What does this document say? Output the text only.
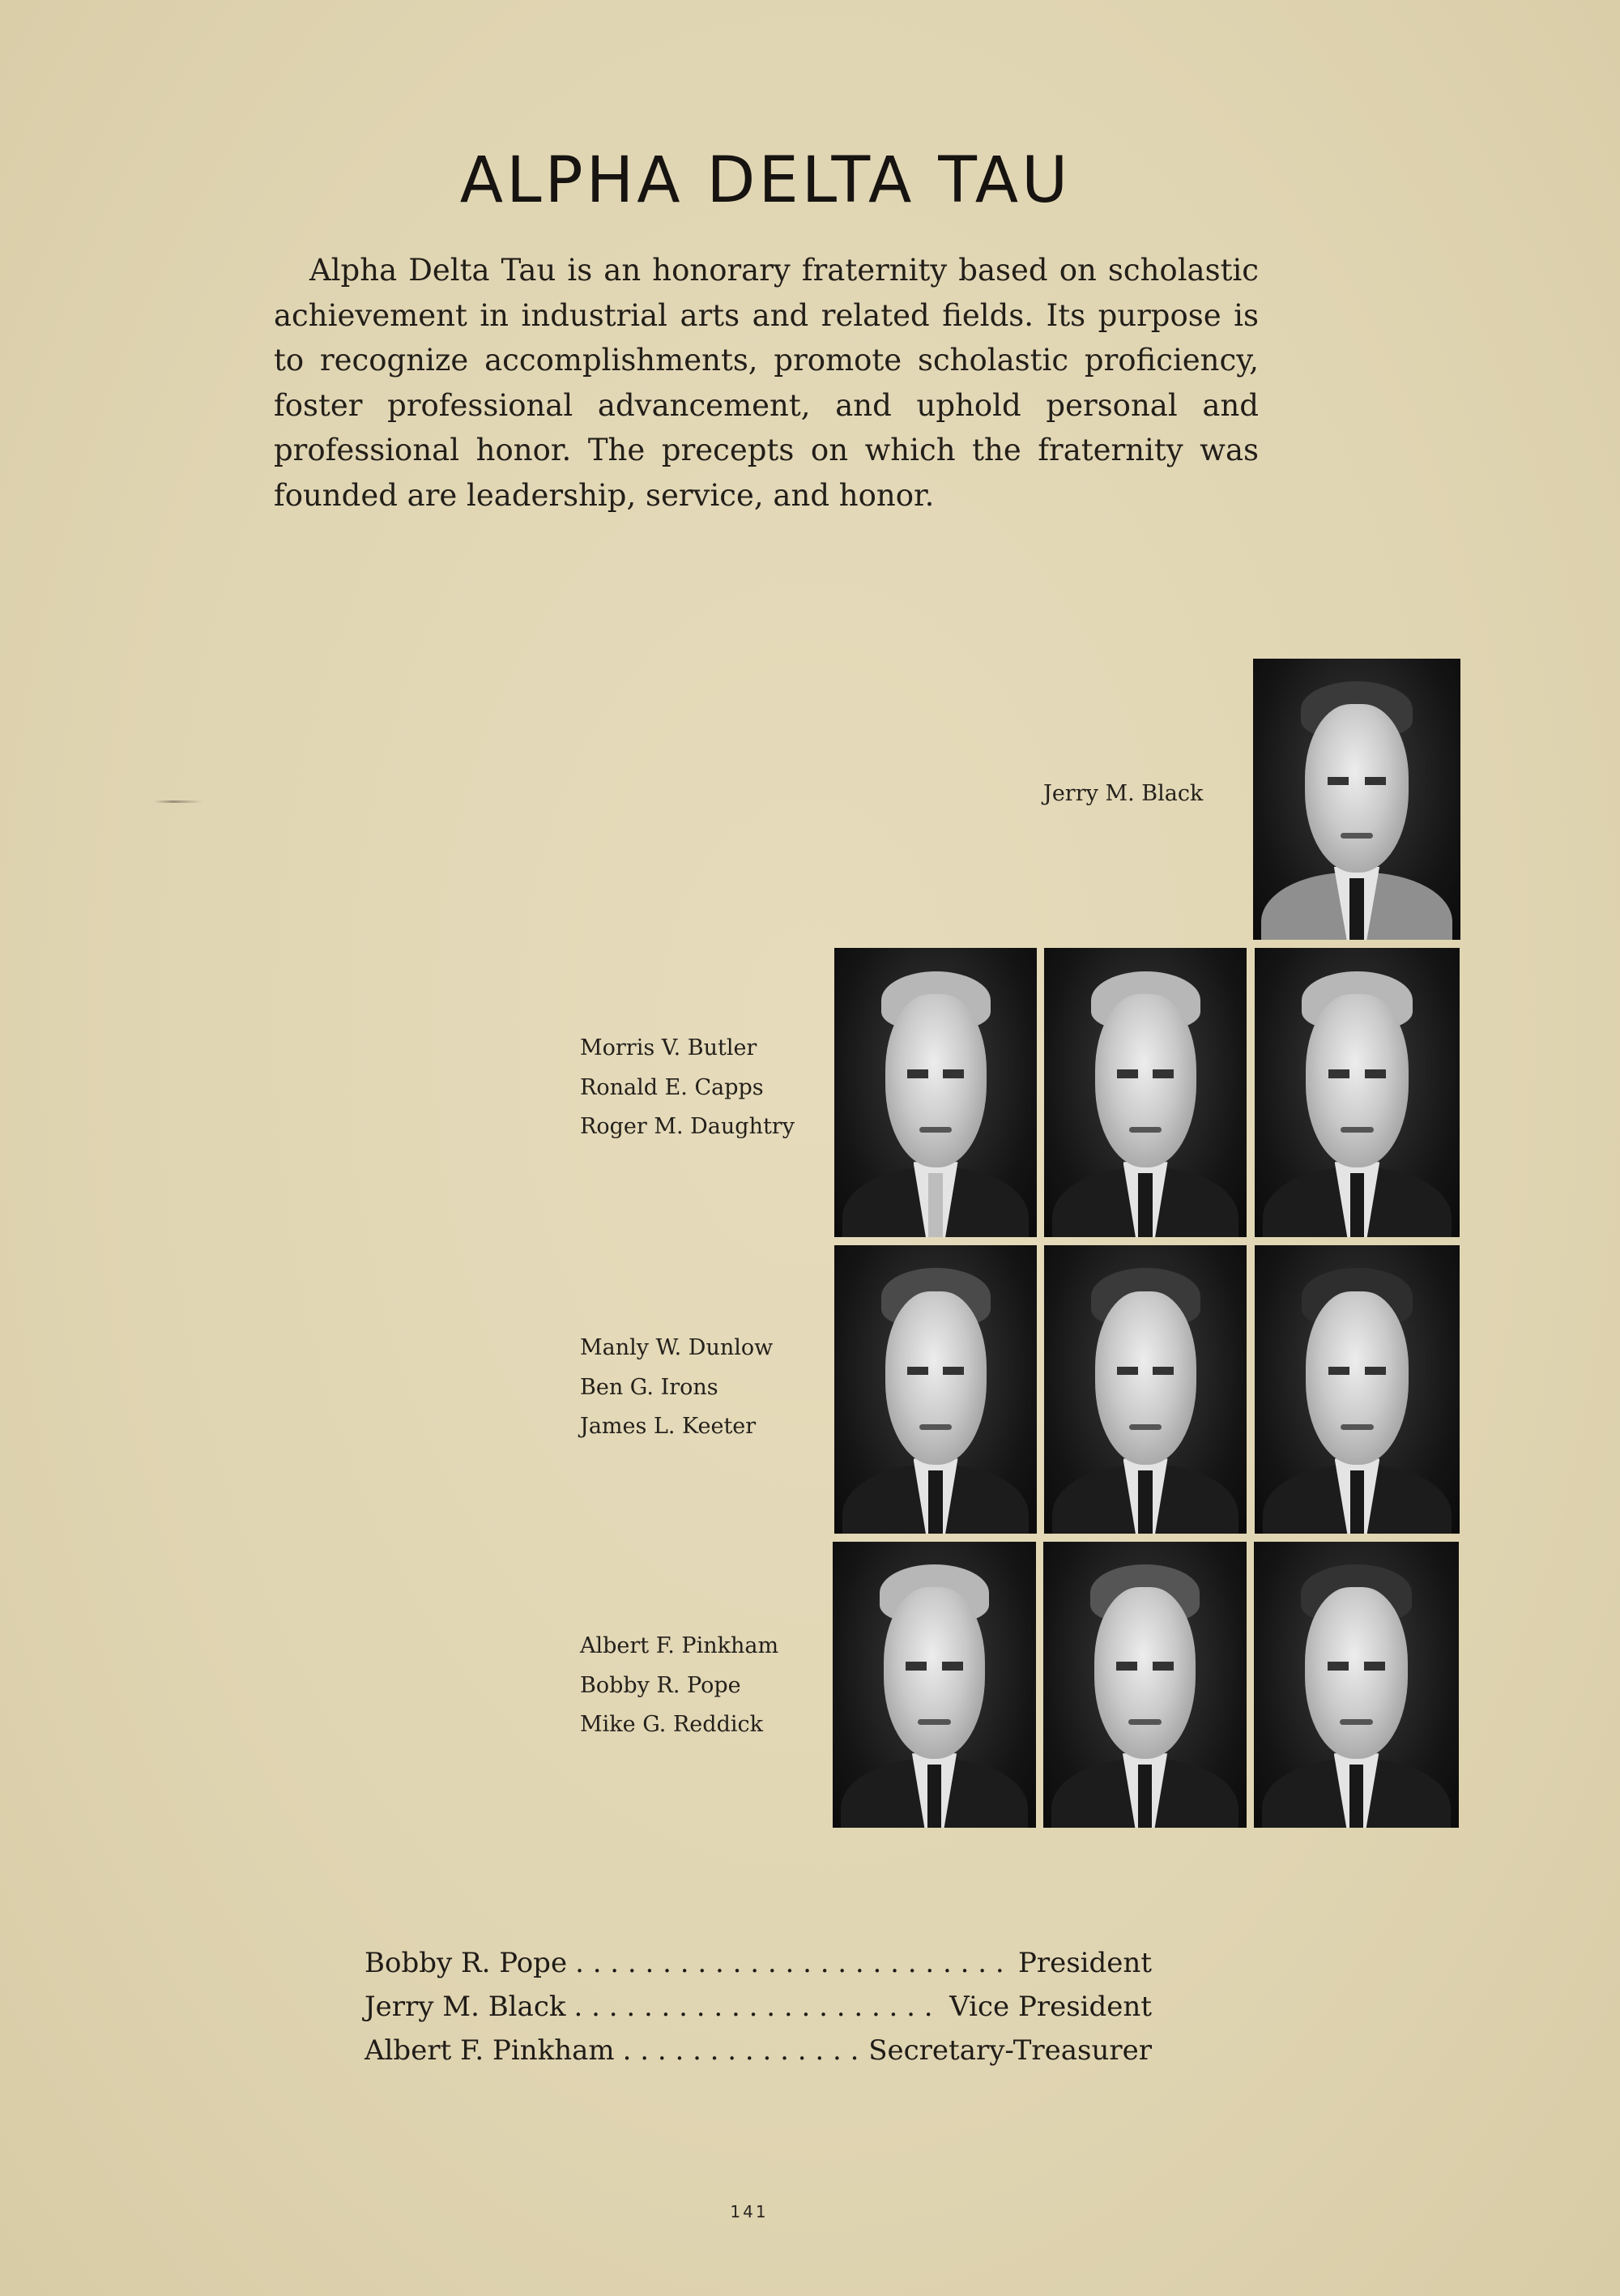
ALPHA DELTA TAU

Alpha Delta Tau is an honorary fraternity based on scholastic achievement in industrial arts and related fields. Its purpose is to recognize accomplishments, promote scholastic proficiency, foster professional advancement, and uphold personal and professional honor. The precepts on which the fraternity was founded are leadership, service, and honor.

Jerry M. Black
Morris V. Butler
Ronald E. Capps
Roger M. Daughtry
Manly W. Dunlow
Ben G. Irons
James L. Keeter
Albert F. Pinkham
Bobby R. Pope
Mike G. Reddick
Bobby R. Pope . . .	President
Jerry M. Black . . .	Vice President
Albert F. Pinkham . . .	Secretary-Treasurer
141
